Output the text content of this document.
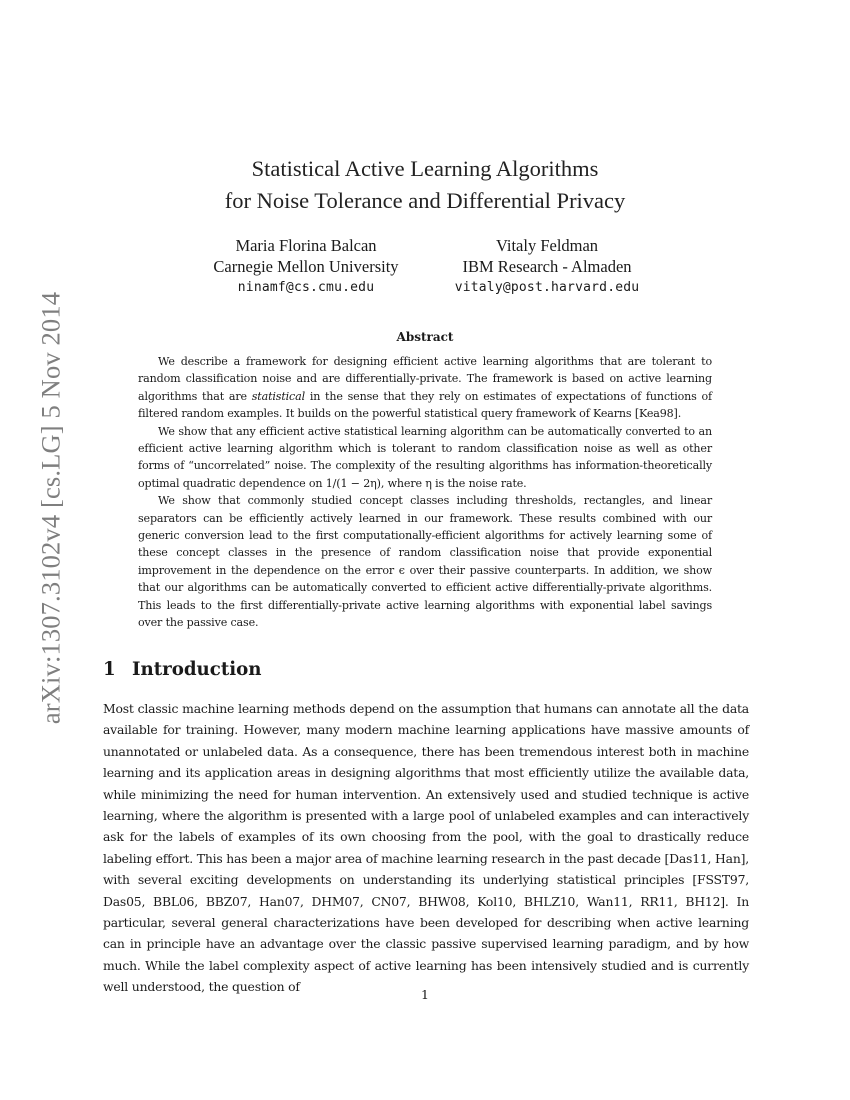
arXiv:1307.3102v4 [cs.LG] 5 Nov 2014
Statistical Active Learning Algorithms
for Noise Tolerance and Differential Privacy
Maria Florina Balcan
Carnegie Mellon University
ninamf@cs.cmu.edu
Vitaly Feldman
IBM Research - Almaden
vitaly@post.harvard.edu
Abstract

We describe a framework for designing efficient active learning algorithms that are tolerant to random classification noise and are differentially-private. The framework is based on active learning algorithms that are statistical in the sense that they rely on estimates of expectations of functions of filtered random examples. It builds on the powerful statistical query framework of Kearns [Kea98].

We show that any efficient active statistical learning algorithm can be automatically converted to an efficient active learning algorithm which is tolerant to random classification noise as well as other forms of “uncorrelated” noise. The complexity of the resulting algorithms has information-theoretically optimal quadratic dependence on 1/(1 − 2η), where η is the noise rate.

We show that commonly studied concept classes including thresholds, rectangles, and linear separators can be efficiently actively learned in our framework. These results combined with our generic conversion lead to the first computationally-efficient algorithms for actively learning some of these concept classes in the presence of random classification noise that provide exponential improvement in the dependence on the error ϵ over their passive counterparts. In addition, we show that our algorithms can be automatically converted to efficient active differentially-private algorithms. This leads to the first differentially-private active learning algorithms with exponential label savings over the passive case.

1 Introduction

Most classic machine learning methods depend on the assumption that humans can annotate all the data available for training. However, many modern machine learning applications have massive amounts of unannotated or unlabeled data. As a consequence, there has been tremendous interest both in machine learning and its application areas in designing algorithms that most efficiently utilize the available data, while minimizing the need for human intervention. An extensively used and studied technique is active learning, where the algorithm is presented with a large pool of unlabeled examples and can interactively ask for the labels of examples of its own choosing from the pool, with the goal to drastically reduce labeling effort. This has been a major area of machine learning research in the past decade [Das11, Han], with several exciting developments on understanding its underlying statistical principles [FSST97, Das05, BBL06, BBZ07, Han07, DHM07, CN07, BHW08, Kol10, BHLZ10, Wan11, RR11, BH12]. In particular, several general characterizations have been developed for describing when active learning can in principle have an advantage over the classic passive supervised learning paradigm, and by how much. While the label complexity aspect of active learning has been intensively studied and is currently well understood, the question of

1
